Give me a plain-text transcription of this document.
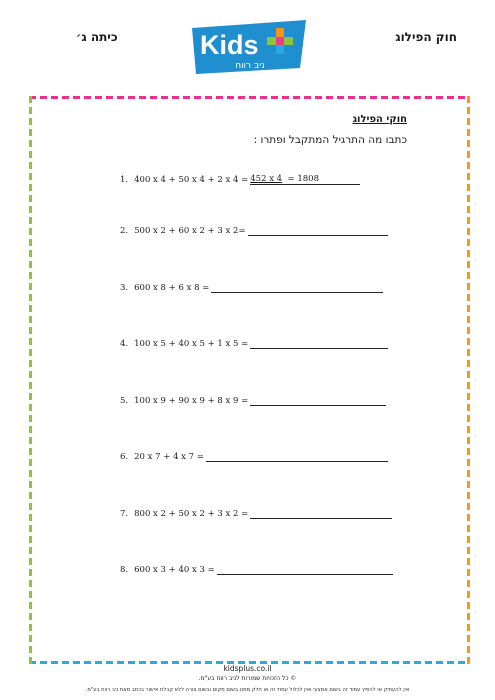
חוק הפילוג
כיתה ג׳	Kids
ניב רווח
חוקי הפילוג
כתבו מה התרגיל המתקבל ופתרו :
1. 400 x 4 + 50 x 4 + 2 x 4 = 452 x 4 = 1808
2. 500 x 2 + 60 x 2 + 3 x 2=
3. 600 x 8 + 6 x 8 =
4. 100 x 5 + 40 x 5 + 1 x 5 =
5. 100 x 9 + 90 x 9 + 8 x 9 =
6. 20 x 7 + 4 x 7 =
7. 800 x 2 + 50 x 2 + 3 x 2 =
8. 600 x 3 + 40 x 3 =
kidsplus.co.il
© כל הזכויות שמורות לניב רווח בע"מ.
אין להעתיק או להפיץ עמוד זה בשום אמצעי ואין לכלול עמוד זה או חלק ממנו בשום מקום ובשום צורה ללא קבלת אישור בכתב מאת ניב רווח בע"מ.
